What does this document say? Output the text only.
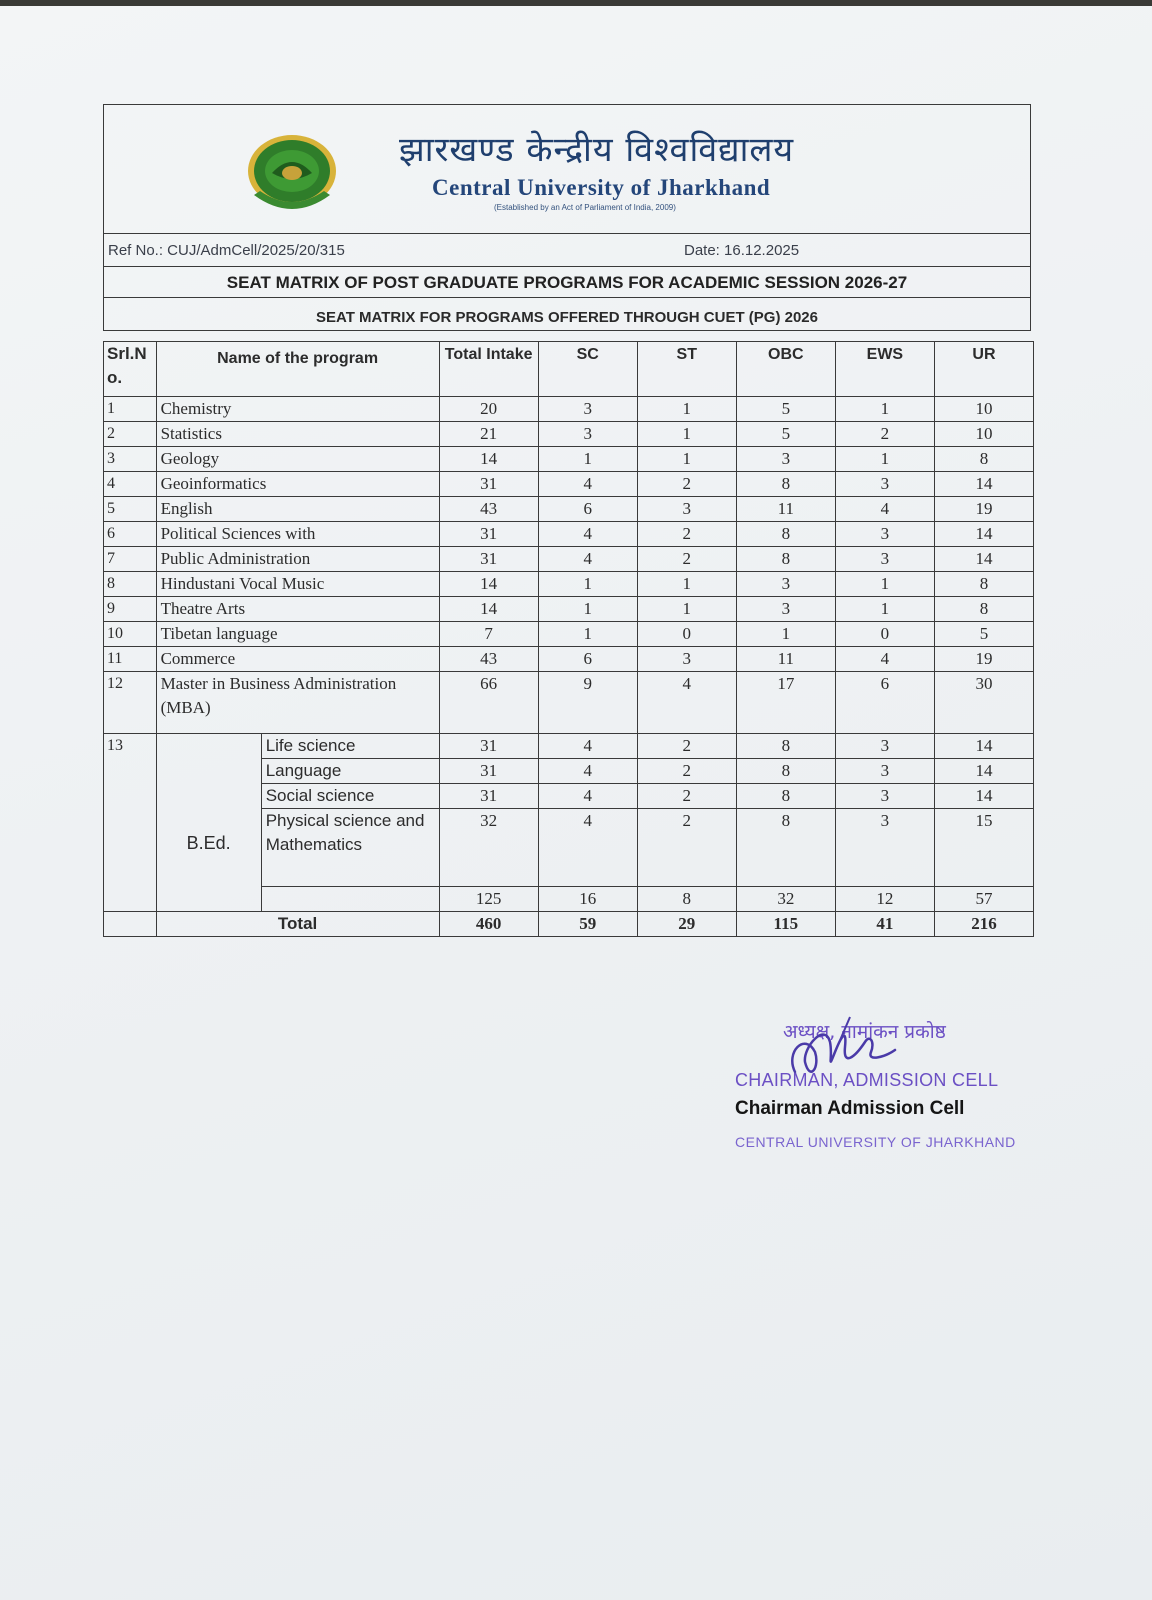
झारखण्ड केन्द्रीय विश्वविद्यालय
Central University of Jharkhand
(Established by an Act of Parliament of India, 2009)
Ref No.: CUJ/AdmCell/2025/20/315	Date: 16.12.2025
SEAT MATRIX OF POST GRADUATE PROGRAMS FOR ACADEMIC SESSION 2026-27
SEAT MATRIX FOR PROGRAMS OFFERED THROUGH CUET (PG) 2026
Srl.N o.	Name of the program		Total Intake	SC	ST	OBC	EWS	UR
1	Chemistry		20	3	1	5	1	10
2	Statistics		21	3	1	5	2	10
3	Geology		14	1	1	3	1	8
4	Geoinformatics		31	4	2	8	3	14
5	English		43	6	3	11	4	19
6	Political Sciences with		31	4	2	8	3	14
7	Public Administration		31	4	2	8	3	14
8	Hindustani Vocal Music		14	1	1	3	1	8
9	Theatre Arts		14	1	1	3	1	8
10	Tibetan language		7	1	0	1	0	5
11	Commerce		43	6	3	11	4	19
12	Master in Business Administration (MBA)		66	9	4	17	6	30
13	B.Ed.	Life science	31	4	2	8	3	14
		Language	31	4	2	8	3	14
		Social science	31	4	2	8	3	14
		Physical science and Mathematics	32	4	2	8	3	15
			125	16	8	32	12	57
	Total		460	59	29	115	41	216
अध्यक्ष, नामांकन प्रकोष्ठ
CHAIRMAN, ADMISSION CELL
Chairman Admission Cell
CENTRAL UNIVERSITY OF JHARKHAND
